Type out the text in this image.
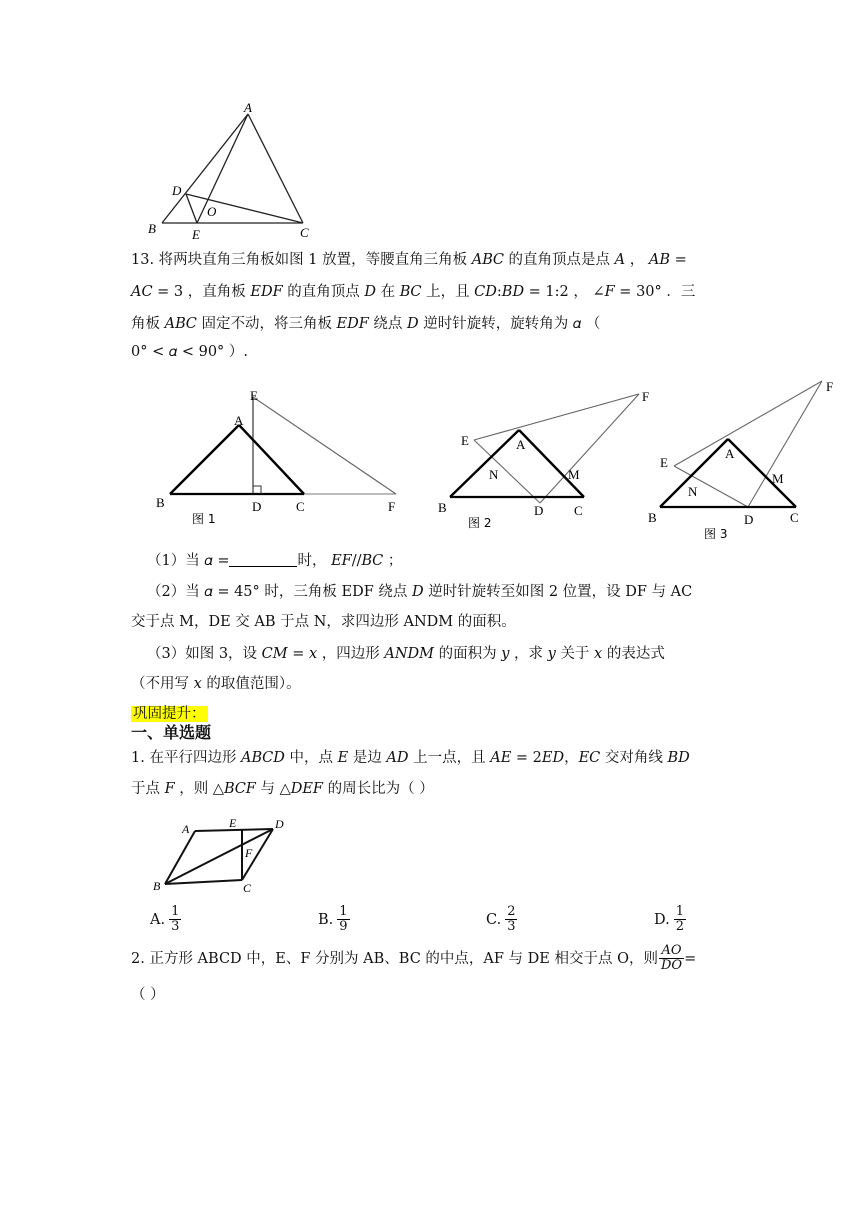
A
D
O
B	E	C
13. 将两块直角三角板如图 1 放置，等腰直角三角板 𝐴𝐵𝐶 的直角顶点是点 𝐴 ， 𝐴𝐵 =
𝐴𝐶 = 3 ，直角板 𝐸𝐷𝐹 的直角顶点 𝐷 在 𝐵𝐶 上，且 𝐶𝐷:𝐵𝐷 = 1:2 ， ∠𝐹 = 30° ．三
角板 𝐴𝐵𝐶 固定不动，将三角板 𝐸𝐷𝐹 绕点 𝐷 逆时针旋转，旋转角为 𝛼 （
0° < 𝛼 < 90° ）.
E
A
B	D	C	F
图 1
F
E	A
N	M
B	D C
图 2
F
E
A
N
M
B	D	C
图 3
（1）当 𝛼 =	时， 𝐸𝐹//𝐵𝐶 ；
（2）当 𝛼 = 45° 时，三角板 EDF 绕点 𝐷 逆时针旋转至如图 2 位置，设 DF 与 AC
交于点 M，DE 交 AB 于点 N，求四边形 ANDM 的面积。
（3）如图 3，设 𝐶𝑀 = 𝑥 ，四边形 𝐴𝑁𝐷𝑀 的面积为 𝑦 ，求 𝑦 关于 𝑥 的表达式
（不用写 𝑥 的取值范围）。
巩固提升：
一、单选题
1. 在平行四边形 𝐴𝐵𝐶𝐷 中，点 𝐸 是边 𝐴𝐷 上一点，且 𝐴𝐸 = 2𝐸𝐷，𝐸𝐶 交对角线 𝐵𝐷
于点 𝐹 ，则 △𝐵𝐶𝐹 与 △𝐷𝐸𝐹 的周长比为（ ）
A	E	D
F
B	C
A. $\frac{1}{3}$	B. $\frac{1}{9}$	C. $\frac{2}{3}$	D. $\frac{1}{2}$
2. 正方形 ABCD 中，E、F 分别为 AB、BC 的中点，AF 与 DE 相交于点 O，则 $\frac{AO}{DO}$ =
（ ）
